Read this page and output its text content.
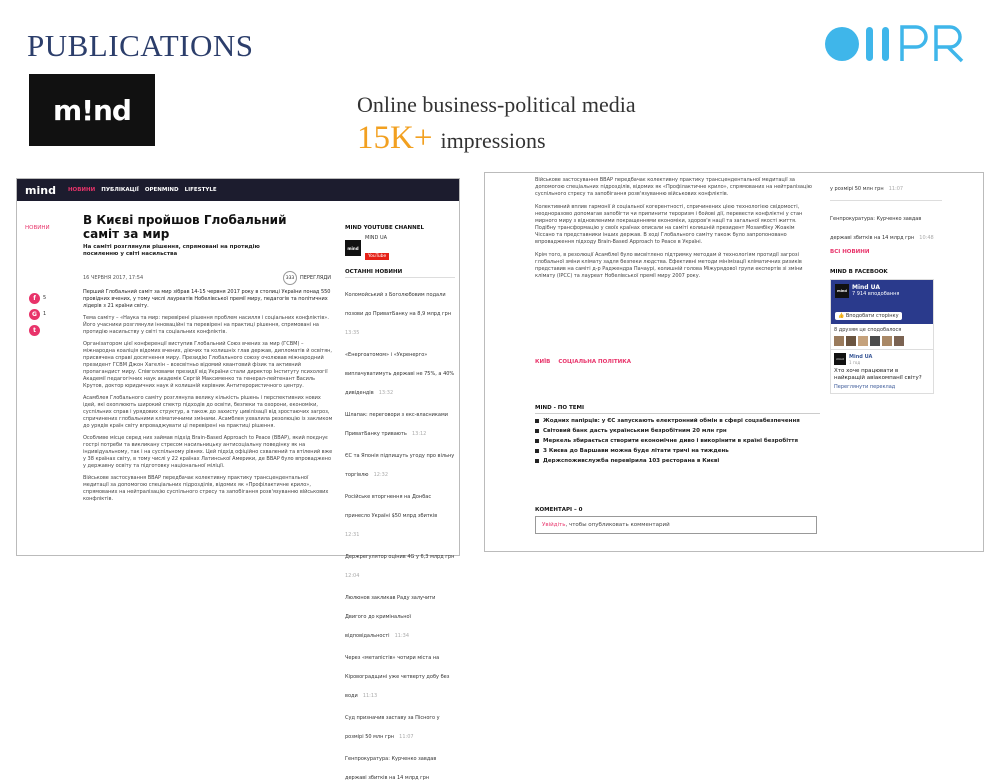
PUBLICATIONS
m!nd	Online business-political media
15K+ impressions
mind НОВИНИ ПУБЛІКАЦІЇ OPENMIND LIFESTYLE
НОВИНИ
В Києві пройшов Глобальний саміт за мир
На саміті розглянули рішення, спрямовані на протидію посиленню у світі насильства
16 ЧЕРВНЯ 2017, 17:54	333	ПЕРЕГЛЯДИ
f	5
G	1
t

Перший Глобальний саміт за мир зібрав 14-15 червня 2017 року в столиці України понад 550 провідних вчених, у тому числі лауреатів Нобелівської премії миру, педагогів та політичних лідерів з 21 країни світу.

Тема саміту – «Наука та мир: перевірені рішення проблем насилля і соціальних конфліктів». Його учасники розглянули інноваційні та перевірені на практиці рішення, спрямовані на протидію насильству у світі та соціальних конфліктів.

Організатором цієї конференції виступив Глобальний Союз вчених за мир (ГСВМ) – міжнародна коаліція відомих вчених, діючих та колишніх глав держав, дипломатів й освітян, присвячена справі досягнення миру. Президію Глобального союзу очолював міжнародний президент ГСВМ Джон Хагелін – всесвітньо відомий квантовий фізик та активний пропагандист миру. Співголовами президії від України стали директор Інституту психології Академії педагогічних наук академік Сергій Максименко та генерал-лейтенант Василь Крутов, доктор юридичних наук й колишній керівник Антитерористичного центру.

Асамблея Глобального саміту розглянула велику кількість рішень і перспективних нових ідей, які охоплюють широкий спектр підходів до освіти, безпеки та охорони, економіки, суспільних справ і урядових структур, а також до захисту цивілізації від зростаючих загроз, спричинених глобальними кліматичними змінами. Асамблея ухвалила резолюцію із закликом до урядів країн світу впроваджувати ці перевірені на практиці рішення.

Особливе місце серед них займав підхід Brain-Based Approach to Peace (BBAP), який поєднує гострі потреби та викликану стресом насильницьку антисоціальну поведінку як на індивідуальному, так і на суспільному рівнях. Цей підхід офіційно схвалений та втілений вже у 38 країнах світу, в тому числі у 22 країнах Латинської Америки, де BBAP було впроваджено у державну освіту та підготовку національної міліції.

Військове застосування BBAP передбачає колективну практику трансцендентальної медитації за допомогою спеціальних підрозділів, відомих як «Профілактичне крило», спрямованих на нейтралізацію суспільного стресу та запобігання розв'язуванню військових конфліктів.

MIND YOUTUBE CHANNEL
mind
MIND UA
YouTube
ОСТАННІ НОВИНИ
Коломойський з Боголюбовим подали позови до ПриватБанку на 8,9 млрд грн 13:35
«Енергоатомом» і «Укренерго» виплачуватимуть державі не 75%, а 40% дивідендів 13:32
Шлапак: переговори з екс-власниками ПриватБанку тривають 13:12
ЄС та Японія підпишуть угоду про вільну торгівлю 12:32
Російське вторгнення на Донбас принесло Україні $50 млрд збитків 12:31
Держрегулятор оцінив 4G у 6,3 млрд грн 12:04
Люлюнов закликав Раду залучити Двигого до кримінальної відповідальності 11:34
Через «метапістів» чотири міста на Кіровоградщині уже четверту добу без води 11:13
Суд призначив заставу за Пісного у розмірі 50 млн грн 11:07
Генпрокуратура: Курченко завдав державі збитків на 14 млрд грн

Військове застосування BBAP передбачає колективну практику трансцендентальної медитації за допомогою спеціальних підрозділів, відомих як «Профілактичне крило», спрямованих на нейтралізацію суспільного стресу та запобігання розв'язуванню військових конфліктів.

Колективний вплив гармонії й соціальної когерентності, спричинених цією технологією свідомості, неодноразово допомагав запобігти чи припинити тероризм і бойові дії, перевести конфліктні у стан мирного миру з відновленими покращеннями економіки, здоров'я нації та загальної якості життя. Подібну трансформацію у своїх країнах описали на саміті колишній президент Мозамбіку Жоакім Чіссано та представники інших держав. В ході Глобального саміту також було запропоновано впровадження підходу Brain-Based Approach to Peace в Україні.

Крім того, в резолюції Асамблеї було висвітлено підтримку методам й технологіям протидії загрозі глобальної зміни клімату задля безпеки людства. Ефективні методи мінімізації кліматичних ризиків представив на саміті д-р Раджендра Пачаурі, колишній голова Міжурядової групи експертів зі зміни клімату (IPCC) та лауреат Нобелівської премії миру 2007 року.

КИЇВ СОЦІАЛЬНА ПОЛІТИКА
MIND - ПО ТЕМІ
Жодних папірців: у ЄС запускають електронний обмін в сфері соцзабезпечення
Світовий банк дасть українським безробітним 20 млн грн
Меркель збирається створити економічне диво і викорінити в країні безробіття
З Києва до Варшави можна буде літати тричі на тиждень
Держспоживслужба перевірила 103 ресторана в Києві
КОМЕНТАРІ – 0
Увійдіть , чтобы опубликовать комментарий
у розмірі 50 млн грн 11:07
Генпрокуратура: Курченко завдав державі збитків на 14 млрд грн 10:48
ВСІ НОВИНИ
MIND В FACEBOOK
mind Mind UA
7 914 вподобання
👍 Вподобати сторінку
8 друзям це сподобалося
mind	Mind UA
1 год
Хто хоче працювати в найкращій авіакомпанії світу?
Переглянути переклад
